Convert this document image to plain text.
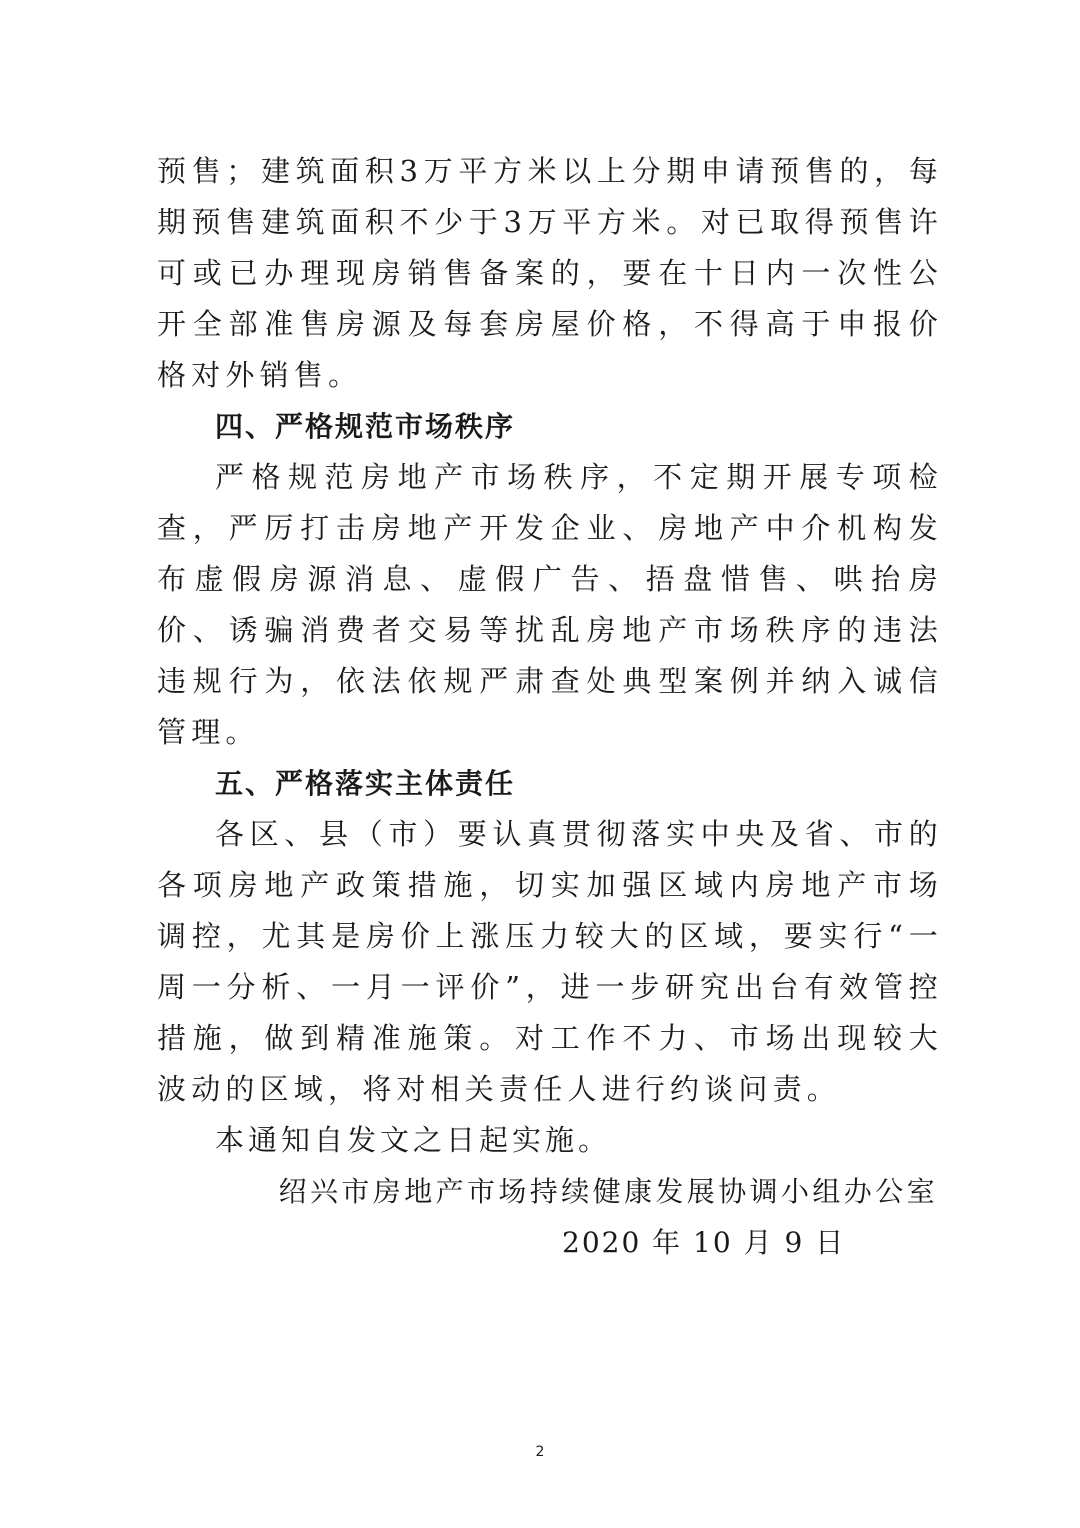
预售；建筑面积3万平方米以上分期申请预售的，每期预售建筑面积不少于3万平方米。对已取得预售许可或已办理现房销售备案的，要在十日内一次性公开全部准售房源及每套房屋价格，不得高于申报价格对外销售。

四、严格规范市场秩序

严格规范房地产市场秩序，不定期开展专项检查，严厉打击房地产开发企业、房地产中介机构发布虚假房源消息、虚假广告、捂盘惜售、哄抬房价、诱骗消费者交易等扰乱房地产市场秩序的违法违规行为，依法依规严肃查处典型案例并纳入诚信管理。

五、严格落实主体责任

各区、县（市）要认真贯彻落实中央及省、市的各项房地产政策措施，切实加强区域内房地产市场调控，尤其是房价上涨压力较大的区域，要实行“一周一分析、一月一评价”，进一步研究出台有效管控措施，做到精准施策。对工作不力、市场出现较大波动的区域，将对相关责任人进行约谈问责。

本通知自发文之日起实施。

绍兴市房地产市场持续健康发展协调小组办公室
2020 年 10 月 9 日
2
